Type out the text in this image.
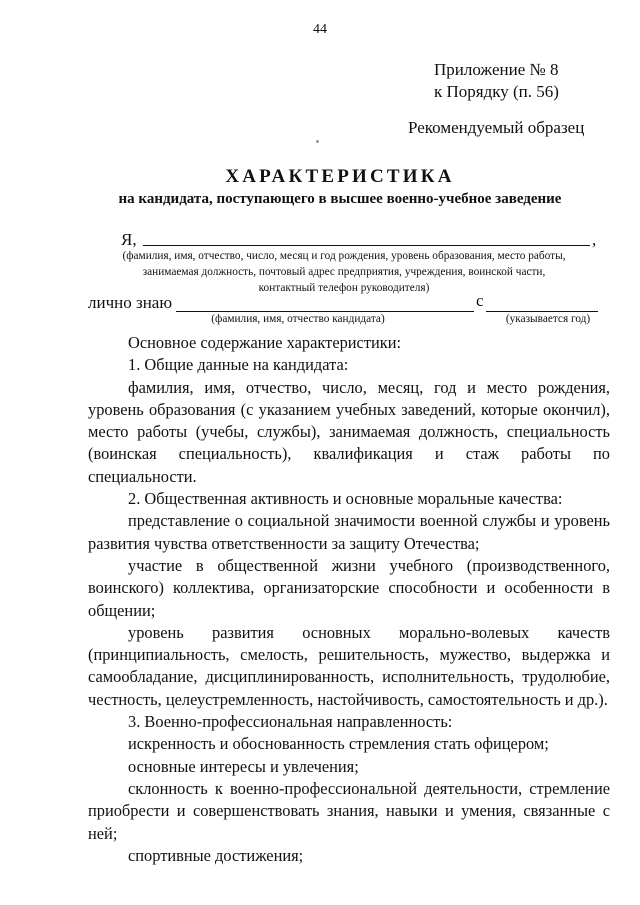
44
Приложение № 8
к Порядку (п. 56)
Рекомендуемый образец
ХАРАКТЕРИСТИКА
на кандидата, поступающего в высшее военно-учебное заведение
Я,	,
(фамилия, имя, отчество, число, месяц и год рождения, уровень образования, место работы,
занимаемая должность, почтовый адрес предприятия, учреждения, воинской части,
контактный телефон руководителя)
лично знаю	с
(фамилия, имя, отчество кандидата)	(указывается год)

Основное содержание характеристики:

1. Общие данные на кандидата:

фамилия, имя, отчество, число, месяц, год и место рождения, уровень образования (с указанием учебных заведений, которые окончил), место работы (учебы, службы), занимаемая должность, специальность (воинская специальность), квалификация и стаж работы по специальности.

2. Общественная активность и основные моральные качества:

представление о социальной значимости военной службы и уровень развития чувства ответственности за защиту Отечества;

участие в общественной жизни учебного (производственного, воинского) коллектива, организаторские способности и особенности в общении;

уровень развития основных морально-волевых качеств (принципиальность, смелость, решительность, мужество, выдержка и самообладание, дисциплинированность, исполнительность, трудолюбие, честность, целеустремленность, настойчивость, самостоятельность и др.).

3. Военно-профессиональная направленность:

искренность и обоснованность стремления стать офицером;

основные интересы и увлечения;

склонность к военно-профессиональной деятельности, стремление приобрести и совершенствовать знания, навыки и умения, связанные с ней;

спортивные достижения;
